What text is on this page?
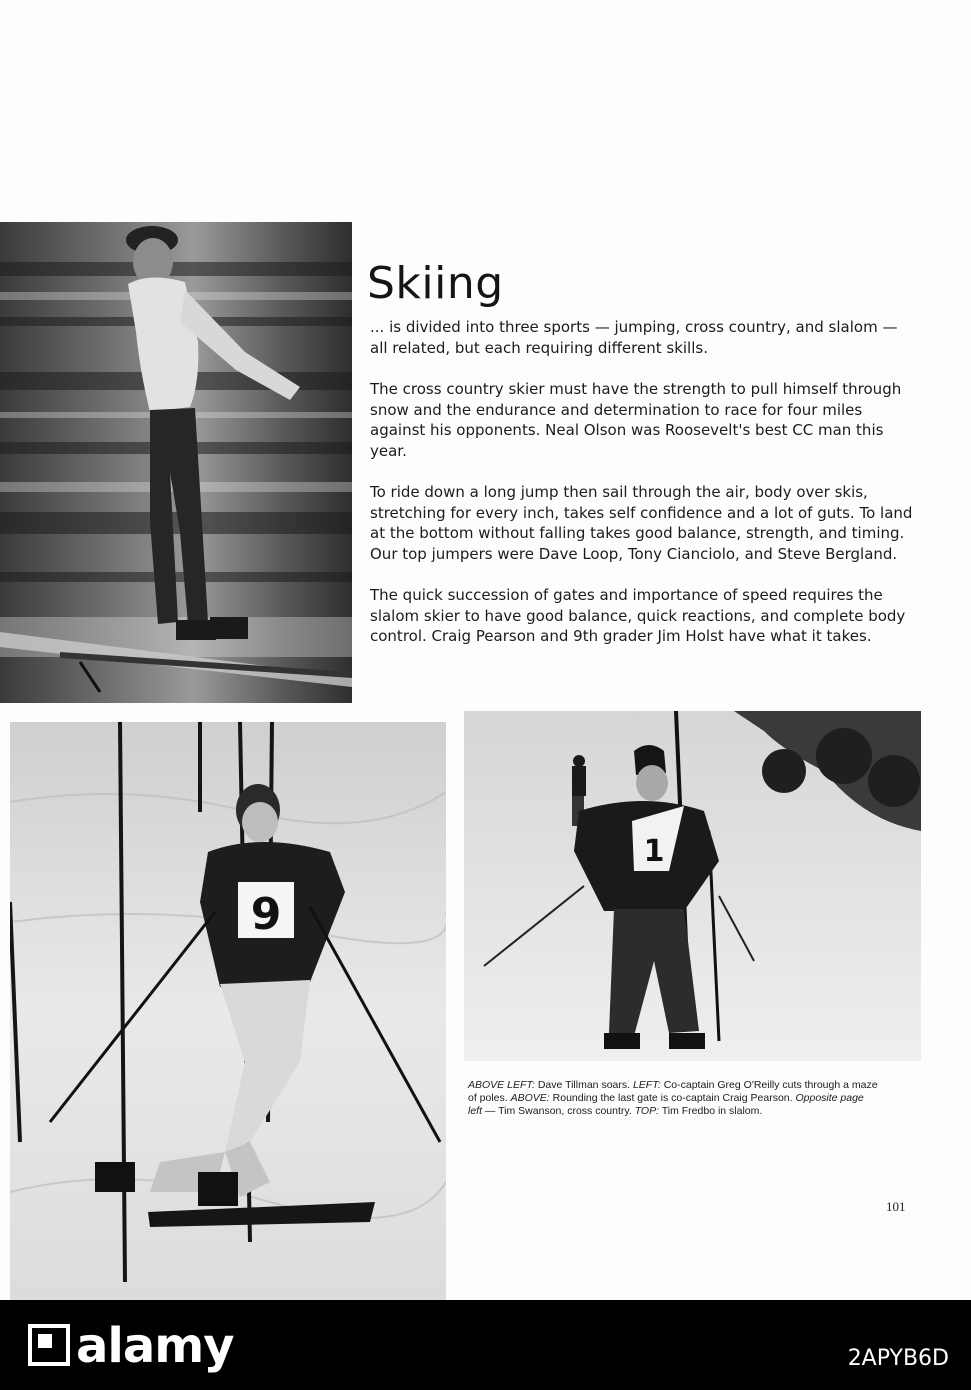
Skiing

... is divided into three sports — jumping, cross country, and slalom — all related, but each requiring different skills.

The cross country skier must have the strength to pull himself through snow and the endurance and determination to race for four miles against his opponents. Neal Olson was Roosevelt's best CC man this year.

To ride down a long jump then sail through the air, body over skis, stretching for every inch, takes self confidence and a lot of guts. To land at the bottom without falling takes good balance, strength, and timing. Our top jumpers were Dave Loop, Tony Cianciolo, and Steve Bergland.

The quick succession of gates and importance of speed requires the slalom skier to have good balance, quick reactions, and complete body control. Craig Pearson and 9th grader Jim Holst have what it takes.

9
1
ABOVE LEFT: Dave Tillman soars. LEFT: Co-captain Greg O'Reilly cuts through a maze of poles. ABOVE: Rounding the last gate is co-captain Craig Pearson. Opposite page left — Tim Swanson, cross country. TOP: Tim Fredbo in slalom.
101
alamy	2APYB6D
